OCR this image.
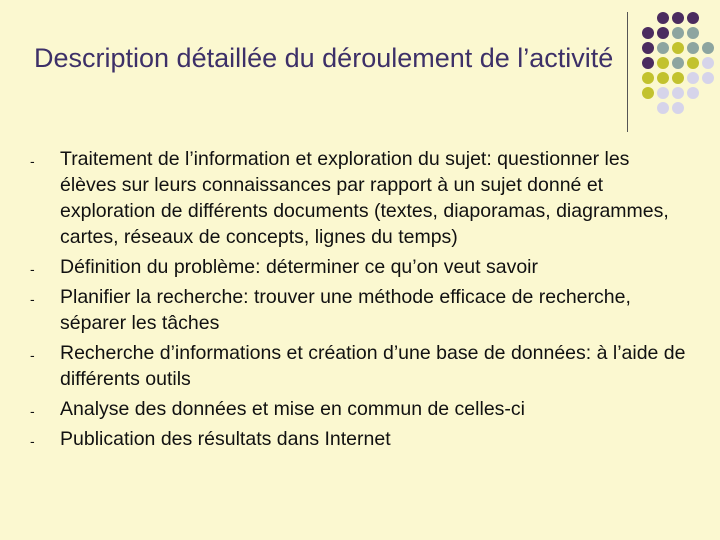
Description détaillée du déroulement de l’activité
- Traitement de l’information et exploration du sujet: questionner les élèves sur leurs connaissances par rapport à un sujet donné et exploration de différents documents (textes, diaporamas, diagrammes, cartes, réseaux de concepts, lignes du temps)
- Définition du problème: déterminer ce qu’on veut savoir
- Planifier la recherche: trouver une méthode efficace de recherche, séparer les tâches
- Recherche d’informations et création d’une base de données: à l’aide de différents outils
- Analyse des données et mise en commun de celles-ci
- Publication des résultats dans Internet
